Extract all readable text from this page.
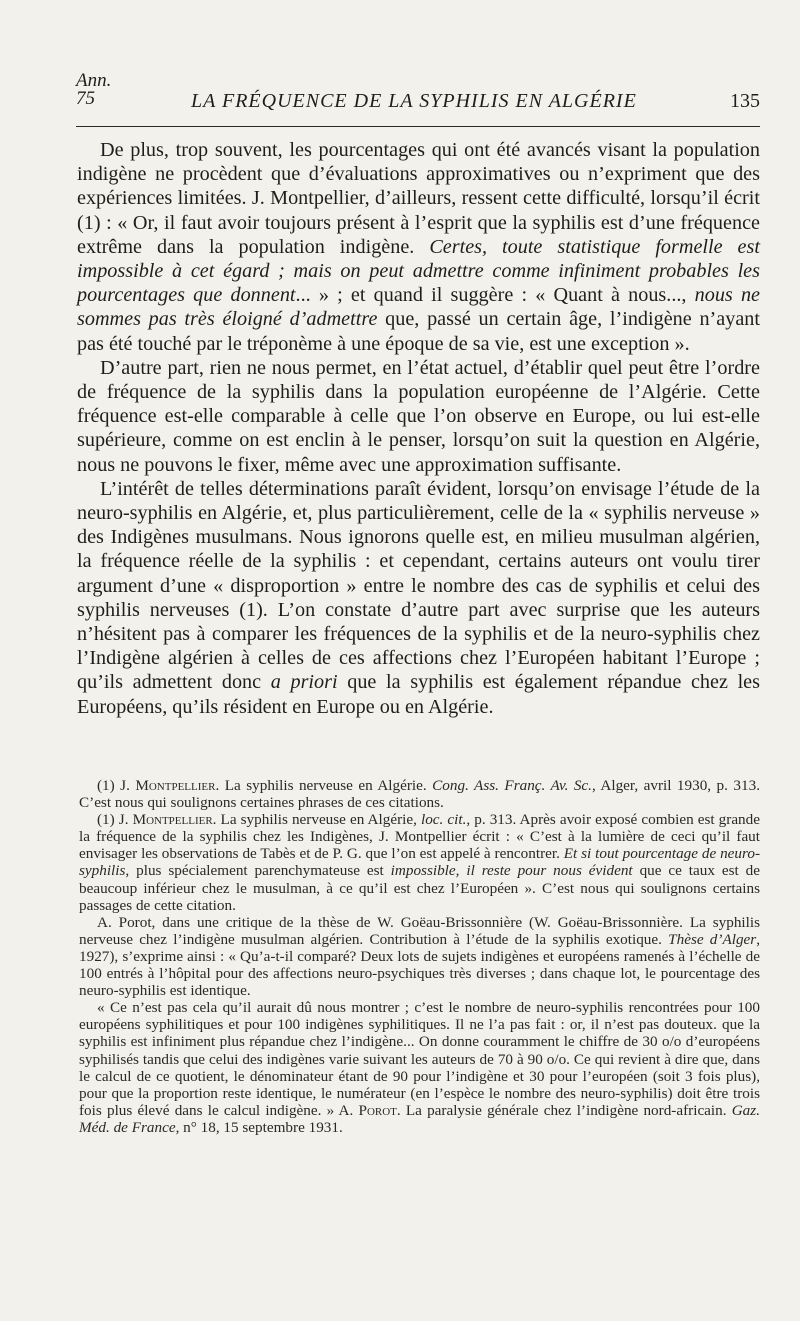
Ann.
75	LA FRÉQUENCE DE LA SYPHILIS EN ALGÉRIE	135

De plus, trop souvent, les pourcentages qui ont été avancés visant la population indigène ne procèdent que d’évaluations approximatives ou n’expriment que des expériences limitées. J. Montpellier, d’ailleurs, ressent cette difficulté, lorsqu’il écrit (1) : « Or, il faut avoir toujours présent à l’esprit que la syphilis est d’une fréquence extrême dans la population indigène. Certes, toute statistique formelle est impossible à cet égard ; mais on peut admettre comme infiniment probables les pourcentages que donnent... » ; et quand il suggère : « Quant à nous..., nous ne sommes pas très éloigné d’admettre que, passé un certain âge, l’indigène n’ayant pas été touché par le tréponème à une époque de sa vie, est une exception ».

D’autre part, rien ne nous permet, en l’état actuel, d’établir quel peut être l’ordre de fréquence de la syphilis dans la population européenne de l’Algérie. Cette fréquence est-elle comparable à celle que l’on observe en Europe, ou lui est-elle supérieure, comme on est enclin à le penser, lorsqu’on suit la question en Algérie, nous ne pouvons le fixer, même avec une approximation suffisante.

L’intérêt de telles déterminations paraît évident, lorsqu’on envisage l’étude de la neuro-syphilis en Algérie, et, plus particulièrement, celle de la « syphilis nerveuse » des Indigènes musulmans. Nous ignorons quelle est, en milieu musulman algérien, la fréquence réelle de la syphilis : et cependant, certains auteurs ont voulu tirer argument d’une « disproportion » entre le nombre des cas de syphilis et celui des syphilis nerveuses (1). L’on constate d’autre part avec surprise que les auteurs n’hésitent pas à comparer les fréquences de la syphilis et de la neuro-syphilis chez l’Indigène algérien à celles de ces affections chez l’Européen habitant l’Europe ; qu’ils admettent donc a priori que la syphilis est également répandue chez les Européens, qu’ils résident en Europe ou en Algérie.

(1) J. Montpellier. La syphilis nerveuse en Algérie. Cong. Ass. Franç. Av. Sc., Alger, avril 1930, p. 313. C’est nous qui soulignons certaines phrases de ces citations.

(1) J. Montpellier. La syphilis nerveuse en Algérie, loc. cit., p. 313. Après avoir exposé combien est grande la fréquence de la syphilis chez les Indigènes, J. Montpellier écrit : « C’est à la lumière de ceci qu’il faut envisager les observations de Tabès et de P. G. que l’on est appelé à rencontrer. Et si tout pourcentage de neuro-syphilis, plus spécialement parenchymateuse est impossible, il reste pour nous évident que ce taux est de beaucoup inférieur chez le musulman, à ce qu’il est chez l’Européen ». C’est nous qui soulignons certains passages de cette citation.

A. Porot, dans une critique de la thèse de W. Goëau-Brissonnière (W. Goëau-Brissonnière. La syphilis nerveuse chez l’indigène musulman algérien. Contribution à l’étude de la syphilis exotique. Thèse d’Alger, 1927), s’exprime ainsi : « Qu’a-t-il comparé? Deux lots de sujets indigènes et européens ramenés à l’échelle de 100 entrés à l’hôpital pour des affections neuro-psychiques très diverses ; dans chaque lot, le pourcentage des neuro-syphilis est identique.

« Ce n’est pas cela qu’il aurait dû nous montrer ; c’est le nombre de neuro-syphilis rencontrées pour 100 européens syphilitiques et pour 100 indigènes syphilitiques. Il ne l’a pas fait : or, il n’est pas douteux. que la syphilis est infiniment plus répandue chez l’indigène... On donne couramment le chiffre de 30 o/o d’européens syphilisés tandis que celui des indigènes varie suivant les auteurs de 70 à 90 o/o. Ce qui revient à dire que, dans le calcul de ce quotient, le dénominateur étant de 90 pour l’indigène et 30 pour l’européen (soit 3 fois plus), pour que la proportion reste identique, le numérateur (en l’espèce le nombre des neuro-syphilis) doit être trois fois plus élevé dans le calcul indigène. » A. Porot. La paralysie générale chez l’indigène nord-africain. Gaz. Méd. de France, n° 18, 15 septembre 1931.
